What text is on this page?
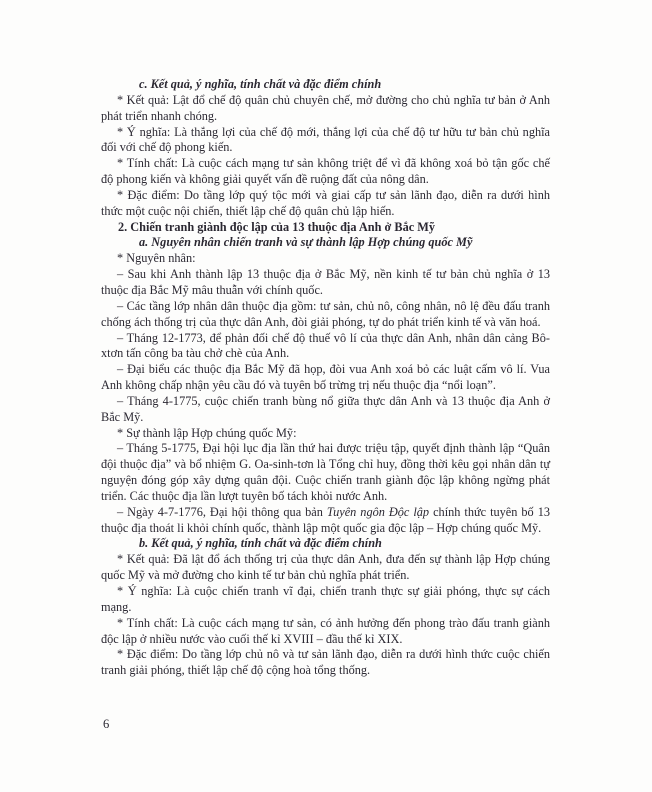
c. Kết quả, ý nghĩa, tính chất và đặc điểm chính

* Kết quả: Lật đổ chế độ quân chủ chuyên chế, mở đường cho chủ nghĩa tư bản ở Anh phát triển nhanh chóng.

* Ý nghĩa: Là thắng lợi của chế độ mới, thắng lợi của chế độ tư hữu tư bản chủ nghĩa đối với chế độ phong kiến.

* Tính chất: Là cuộc cách mạng tư sản không triệt để vì đã không xoá bỏ tận gốc chế độ phong kiến và không giải quyết vấn đề ruộng đất của nông dân.

* Đặc điểm: Do tầng lớp quý tộc mới và giai cấp tư sản lãnh đạo, diễn ra dưới hình thức một cuộc nội chiến, thiết lập chế độ quân chủ lập hiến.

2. Chiến tranh giành độc lập của 13 thuộc địa Anh ở Bắc Mỹ

a. Nguyên nhân chiến tranh và sự thành lập Hợp chúng quốc Mỹ

* Nguyên nhân:

– Sau khi Anh thành lập 13 thuộc địa ở Bắc Mỹ, nền kinh tế tư bản chủ nghĩa ở 13 thuộc địa Bắc Mỹ mâu thuẫn với chính quốc.

– Các tầng lớp nhân dân thuộc địa gồm: tư sản, chủ nô, công nhân, nô lệ đều đấu tranh chống ách thống trị của thực dân Anh, đòi giải phóng, tự do phát triển kinh tế và văn hoá.

– Tháng 12-1773, để phản đối chế độ thuế vô lí của thực dân Anh, nhân dân cảng Bô-xtơn tấn công ba tàu chở chè của Anh.

– Đại biểu các thuộc địa Bắc Mỹ đã họp, đòi vua Anh xoá bỏ các luật cấm vô lí. Vua Anh không chấp nhận yêu cầu đó và tuyên bố trừng trị nếu thuộc địa “nổi loạn”.

– Tháng 4-1775, cuộc chiến tranh bùng nổ giữa thực dân Anh và 13 thuộc địa Anh ở Bắc Mỹ.

* Sự thành lập Hợp chúng quốc Mỹ:

– Tháng 5-1775, Đại hội lục địa lần thứ hai được triệu tập, quyết định thành lập “Quân đội thuộc địa” và bổ nhiệm G. Oa-sinh-tơn là Tổng chỉ huy, đồng thời kêu gọi nhân dân tự nguyện đóng góp xây dựng quân đội. Cuộc chiến tranh giành độc lập không ngừng phát triển. Các thuộc địa lần lượt tuyên bố tách khỏi nước Anh.

– Ngày 4-7-1776, Đại hội thông qua bản Tuyên ngôn Độc lập chính thức tuyên bố 13 thuộc địa thoát li khỏi chính quốc, thành lập một quốc gia độc lập – Hợp chúng quốc Mỹ.

b. Kết quả, ý nghĩa, tính chất và đặc điểm chính

* Kết quả: Đã lật đổ ách thống trị của thực dân Anh, đưa đến sự thành lập Hợp chúng quốc Mỹ và mở đường cho kinh tế tư bản chủ nghĩa phát triển.

* Ý nghĩa: Là cuộc chiến tranh vĩ đại, chiến tranh thực sự giải phóng, thực sự cách mạng.

* Tính chất: Là cuộc cách mạng tư sản, có ảnh hưởng đến phong trào đấu tranh giành độc lập ở nhiều nước vào cuối thế kỉ XVIII – đầu thế kỉ XIX.

* Đặc điểm: Do tầng lớp chủ nô và tư sản lãnh đạo, diễn ra dưới hình thức cuộc chiến tranh giải phóng, thiết lập chế độ cộng hoà tổng thống.

6
